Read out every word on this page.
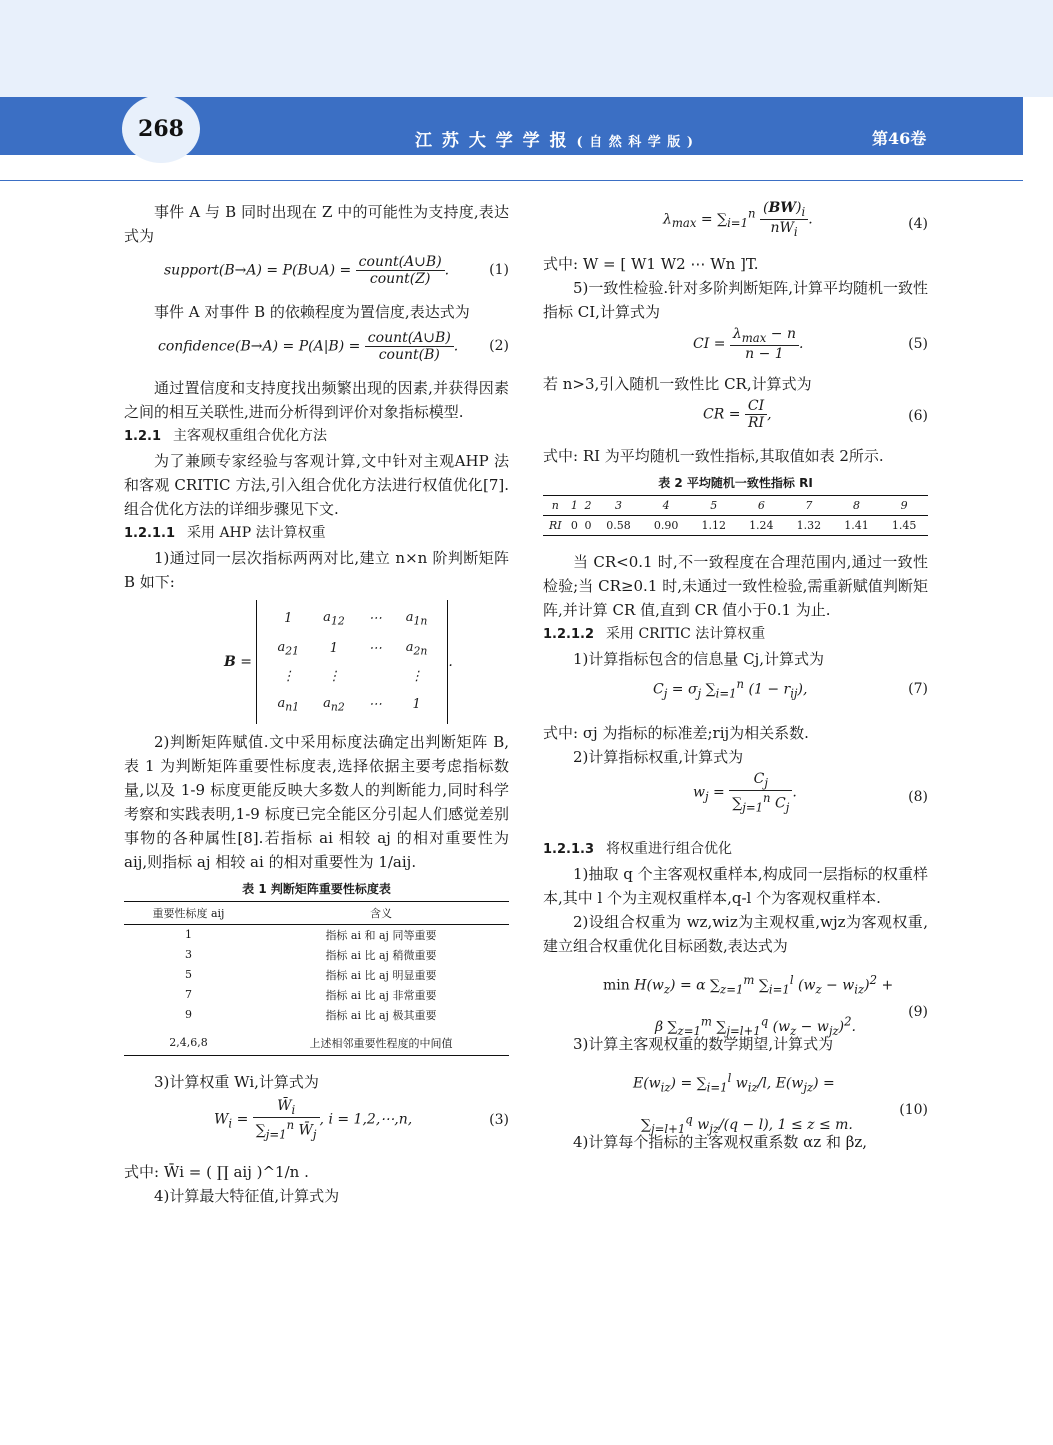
268	江 苏 大 学 学 报 ( 自 然 科 学 版 )	第46卷

事件 A 与 B 同时出现在 Z 中的可能性为支持度,表达式为

support(B→A) = P(B∪A) = $\frac{\text{count(A∪B)}}{\text{count(Z)}}$ .	(1)

事件 A 对事件 B 的依赖程度为置信度,表达式为

confidence(B→A) = $P(A|B) = \frac{\text{count(A∪B)}}{\text{count(B)}}$ . (2)

通过置信度和支持度找出频繁出现的因素,并获得因素之间的相互关联性,进而分析得到评价对象指标模型.

1.2.1 主客观权重组合优化方法

为了兼顾专家经验与客观计算,文中针对主观AHP 法和客观 CRITIC 方法,引入组合优化方法进行权值优化[7].组合优化方法的详细步骤见下文.

1.2.1.1 采用 AHP 法计算权重

1)通过同一层次指标两两对比,建立 n×n 阶判断矩阵 B 如下:

B =
1	$a_{12}$	⋯	$a_{1n}$
$a_{21}$	1	⋯	$a_{2n}$
⋮	⋮		⋮
$a_{n1}$	$a_{n2}$	⋯	1
.

2)判断矩阵赋值.文中采用标度法确定出判断矩阵 B,表 1 为判断矩阵重要性标度表,选择依据主要考虑指标数量,以及 1-9 标度更能反映大多数人的判断能力,同时科学考察和实践表明,1-9 标度已完全能区分引起人们感觉差别事物的各种属性[8].若指标 ai 相较 aj 的相对重要性为 aij,则指标 aj 相较 ai 的相对重要性为 1/aij.

表 1 判断矩阵重要性标度表
重要性标度 aij	含义
1	指标 ai 和 aj 同等重要
3	指标 ai 比 aj 稍微重要
5	指标 ai 比 aj 明显重要
7	指标 ai 比 aj 非常重要
9	指标 ai 比 aj 极其重要
2,4,6,8	上述相邻重要性程度的中间值

3)计算权重 Wi,计算式为

$W_i = \frac{W̄_i}{\sum_{j=1}^n W̄_j}$ , i = 1,2,⋯,n,	(3)

式中: W̄i = ( ∏ aij )^1/n .

4)计算最大特征值,计算式为

$\lambda_{max} = \sum_{i=1}^n \frac{(BW)_i}{nW_i}$ .	(4)

式中: W = [ W1 W2 ⋯ Wn ]T.

5)一致性检验.针对多阶判断矩阵,计算平均随机一致性指标 CI,计算式为

CI = $\frac{\lambda_{max} - n}{n - 1}$ .	(5)

若 n>3,引入随机一致性比 CR,计算式为

CR = $\frac{CI}{RI}$ ,	(6)

式中: RI 为平均随机一致性指标,其取值如表 2所示.

表 2 平均随机一致性指标 RI
n	1	2	3	4	5	6	7	8	9
RI	0	0	0.58	0.90	1.12	1.24	1.32	1.41	1.45

当 CR<0.1 时,不一致程度在合理范围内,通过一致性检验;当 CR≥0.1 时,未通过一致性检验,需重新赋值判断矩阵,并计算 CR 值,直到 CR 值小于0.1 为止.

1.2.1.2 采用 CRITIC 法计算权重

1)计算指标包含的信息量 Cj,计算式为

$C_j = \sigma_j$ $\sum_{i=1}^n$ $(1 - r_{ij})$,	(7)

式中: σj 为指标的标准差;rij为相关系数.

2)计算指标权重,计算式为

$w_j = \frac{C_j}{\sum_{j=1}^n C_j}$ .	(8)

1.2.1.3 将权重进行组合优化

1)抽取 q 个主客观权重样本,构成同一层指标的权重样本,其中 l 个为主观权重样本,q-l 个为客观权重样本.

2)设组合权重为 wz,wiz为主观权重,wjz为客观权重,建立组合权重优化目标函数,表达式为

$\min H(w_z) = \alpha$ $\sum_{z=1}^m$ $\sum_{i=1}^l$ $(w_z - w_{iz})^2$ +
β $\sum_{z=1}^m$ $\sum_{j=l+1}^q$ $(w_z - w_{jz})^2$.
(9)

3)计算主客观权重的数学期望,计算式为

$E(w_{iz}) = \sum_{i=1}^l$ $w_{iz}/l$, $E(w_{jz})$ =
$\sum_{j=l+1}^q$ $w_{jz}/(q - l)$, 1 ≤ z ≤ m.
(10)

4)计算每个指标的主客观权重系数 αz 和 βz,
